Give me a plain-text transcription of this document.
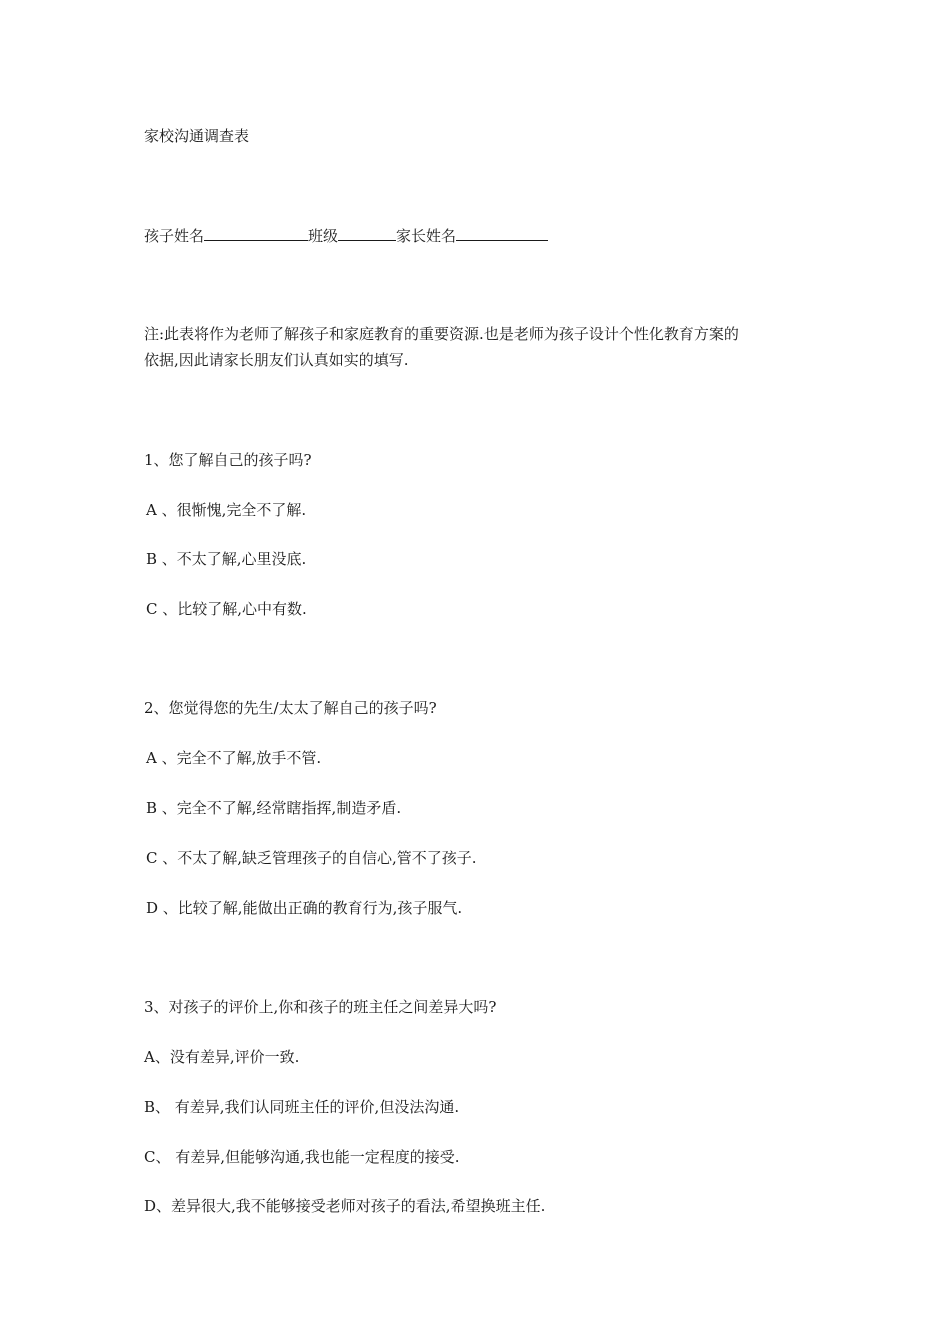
家校沟通调查表
孩子姓名	班级	家长姓名
注:此表将作为老师了解孩子和家庭教育的重要资源.也是老师为孩子设计个性化教育方案的
依据,因此请家长朋友们认真如实的填写.
1、您了解自己的孩子吗?
A 、很惭愧,完全不了解.
B 、不太了解,心里没底.
C 、比较了解,心中有数.
2、您觉得您的先生/太太了解自己的孩子吗?
A 、完全不了解,放手不管.
B 、完全不了解,经常瞎指挥,制造矛盾.
C 、不太了解,缺乏管理孩子的自信心,管不了孩子.
D 、比较了解,能做出正确的教育行为,孩子服气.
3、对孩子的评价上,你和孩子的班主任之间差异大吗?
A、没有差异,评价一致.
B、 有差异,我们认同班主任的评价,但没法沟通.
C、 有差异,但能够沟通,我也能一定程度的接受.
D、差异很大,我不能够接受老师对孩子的看法,希望换班主任.
